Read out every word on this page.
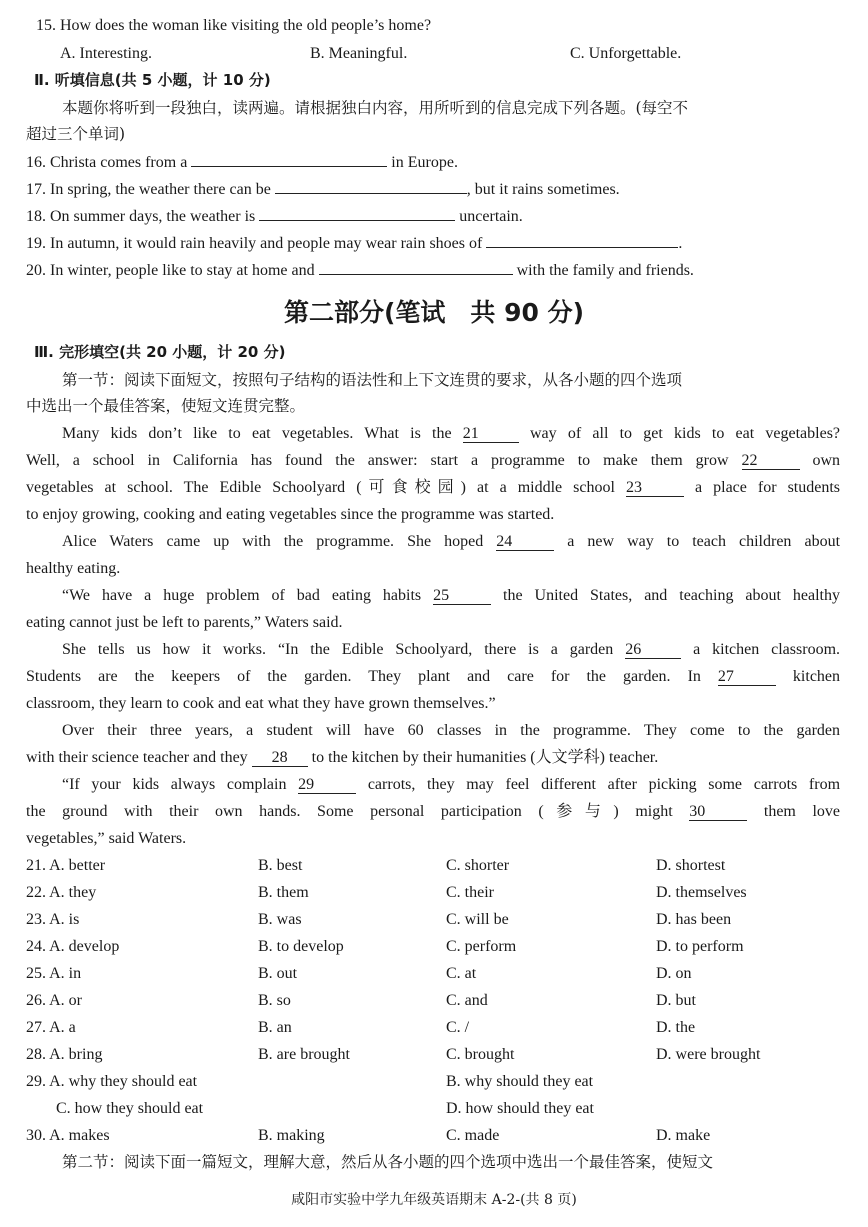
15. How does the woman like visiting the old people’s home?
A. Interesting.	B. Meaningful.	C. Unforgettable.
Ⅱ. 听填信息(共 5 小题，计 10 分)
本题你将听到一段独白，读两遍。请根据独白内容，用所听到的信息完成下列各题。(每空不
超过三个单词)
16. Christa comes from a	in Europe.
17. In spring, the weather there can be	, but it rains sometimes.
18. On summer days, the weather is	uncertain.
19. In autumn, it would rain heavily and people may wear rain shoes of	.
20. In winter, people like to stay at home and	with the family and friends.
第二部分(笔试　共 90 分)
Ⅲ. 完形填空(共 20 小题，计 20 分)
第一节：阅读下面短文，按照句子结构的语法性和上下文连贯的要求，从各小题的四个选项
中选出一个最佳答案，使短文连贯完整。
Many kids don’t like to eat vegetables. What is the 21	way of all to get kids to eat vegetables?
Well, a school in California has found the answer: start a programme to make them grow 22	own
vegetables at school. The Edible Schoolyard (可食校园) at a middle school 23	a place for students
to enjoy growing, cooking and eating vegetables since the programme was started.
Alice Waters came up with the programme. She hoped 24	a new way to teach children about
healthy eating.
“We have a huge problem of bad eating habits 25	the United States, and teaching about healthy
eating cannot just be left to parents,” Waters said.
She tells us how it works. “In the Edible Schoolyard, there is a garden 26	a kitchen classroom.
Students are the keepers of the garden. They plant and care for the garden. In 27	kitchen
classroom, they learn to cook and eat what they have grown themselves.”
Over their three years, a student will have 60 classes in the programme. They come to the garden
with their science teacher and they 28 to the kitchen by their humanities (人文学科) teacher.
“If your kids always complain 29	carrots, they may feel different after picking some carrots from
the ground with their own hands. Some personal participation (参与) might 30	them love
vegetables,” said Waters.
21. A. better	B. best	C. shorter	D. shortest
22. A. they	B. them	C. their	D. themselves
23. A. is	B. was	C. will be	D. has been
24. A. develop	B. to develop	C. perform	D. to perform
25. A. in	B. out	C. at	D. on
26. A. or	B. so	C. and	D. but
27. A. a	B. an	C. /	D. the
28. A. bring	B. are brought	C. brought	D. were brought
29. A. why they should eat	B. why should they eat
C. how they should eat	D. how should they eat
30. A. makes	B. making	C. made	D. make
第二节：阅读下面一篇短文，理解大意，然后从各小题的四个选项中选出一个最佳答案，使短文
咸阳市实验中学九年级英语期末 A-2-(共 8 页)
